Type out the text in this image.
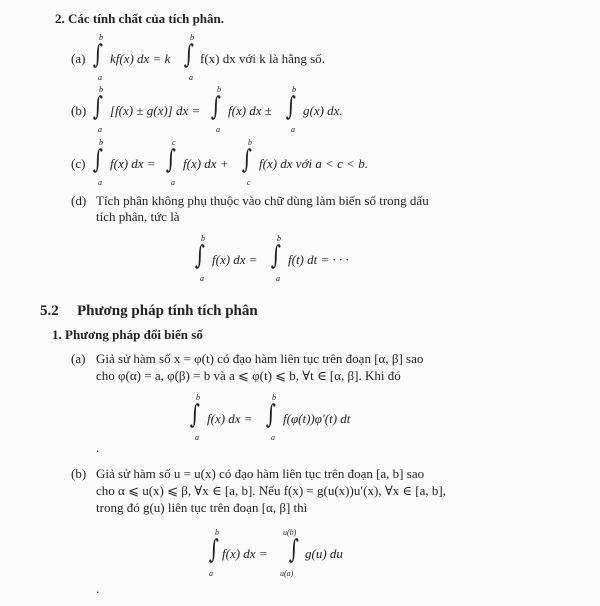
2. Các tính chất của tích phân.
(a)
b
∫
a
kf(x) dx = k
b
∫
a
f(x) dx với k là hằng số.
(b)
b
∫
a
[f(x) ± g(x)] dx =
b
∫
a
f(x) dx ±
b
∫
a
g(x) dx.
(c)
b
∫
a
f(x) dx =
c
∫
a
f(x) dx +
b
∫
c
f(x) dx với a < c < b.
(d) Tích phân không phụ thuộc vào chữ dùng làm biến số trong dấu
tích phân, tức là
b
∫
a
f(x) dx =
b
∫
a
f(t) dt = · · ·
5.2 Phương pháp tính tích phân
1. Phương pháp đổi biến số
(a) Giả sử hàm số x = φ(t) có đạo hàm liên tục trên đoạn [α, β] sao
cho φ(α) = a, φ(β) = b và a ⩽ φ(t) ⩽ b, ∀t ∈ [α, β]. Khi đó
b
∫
a
f(x) dx =
b
∫
a
f(φ(t))φ′(t) dt
.
(b) Giả sử hàm số u = u(x) có đạo hàm liên tục trên đoạn [a, b] sao
cho α ⩽ u(x) ⩽ β, ∀x ∈ [a, b]. Nếu f(x) = g(u(x))u′(x), ∀x ∈ [a, b],
trong đó g(u) liên tục trên đoạn [α, β] thì
b
∫
a
f(x) dx =
u(b)
∫
u(a)
g(u) du
.
